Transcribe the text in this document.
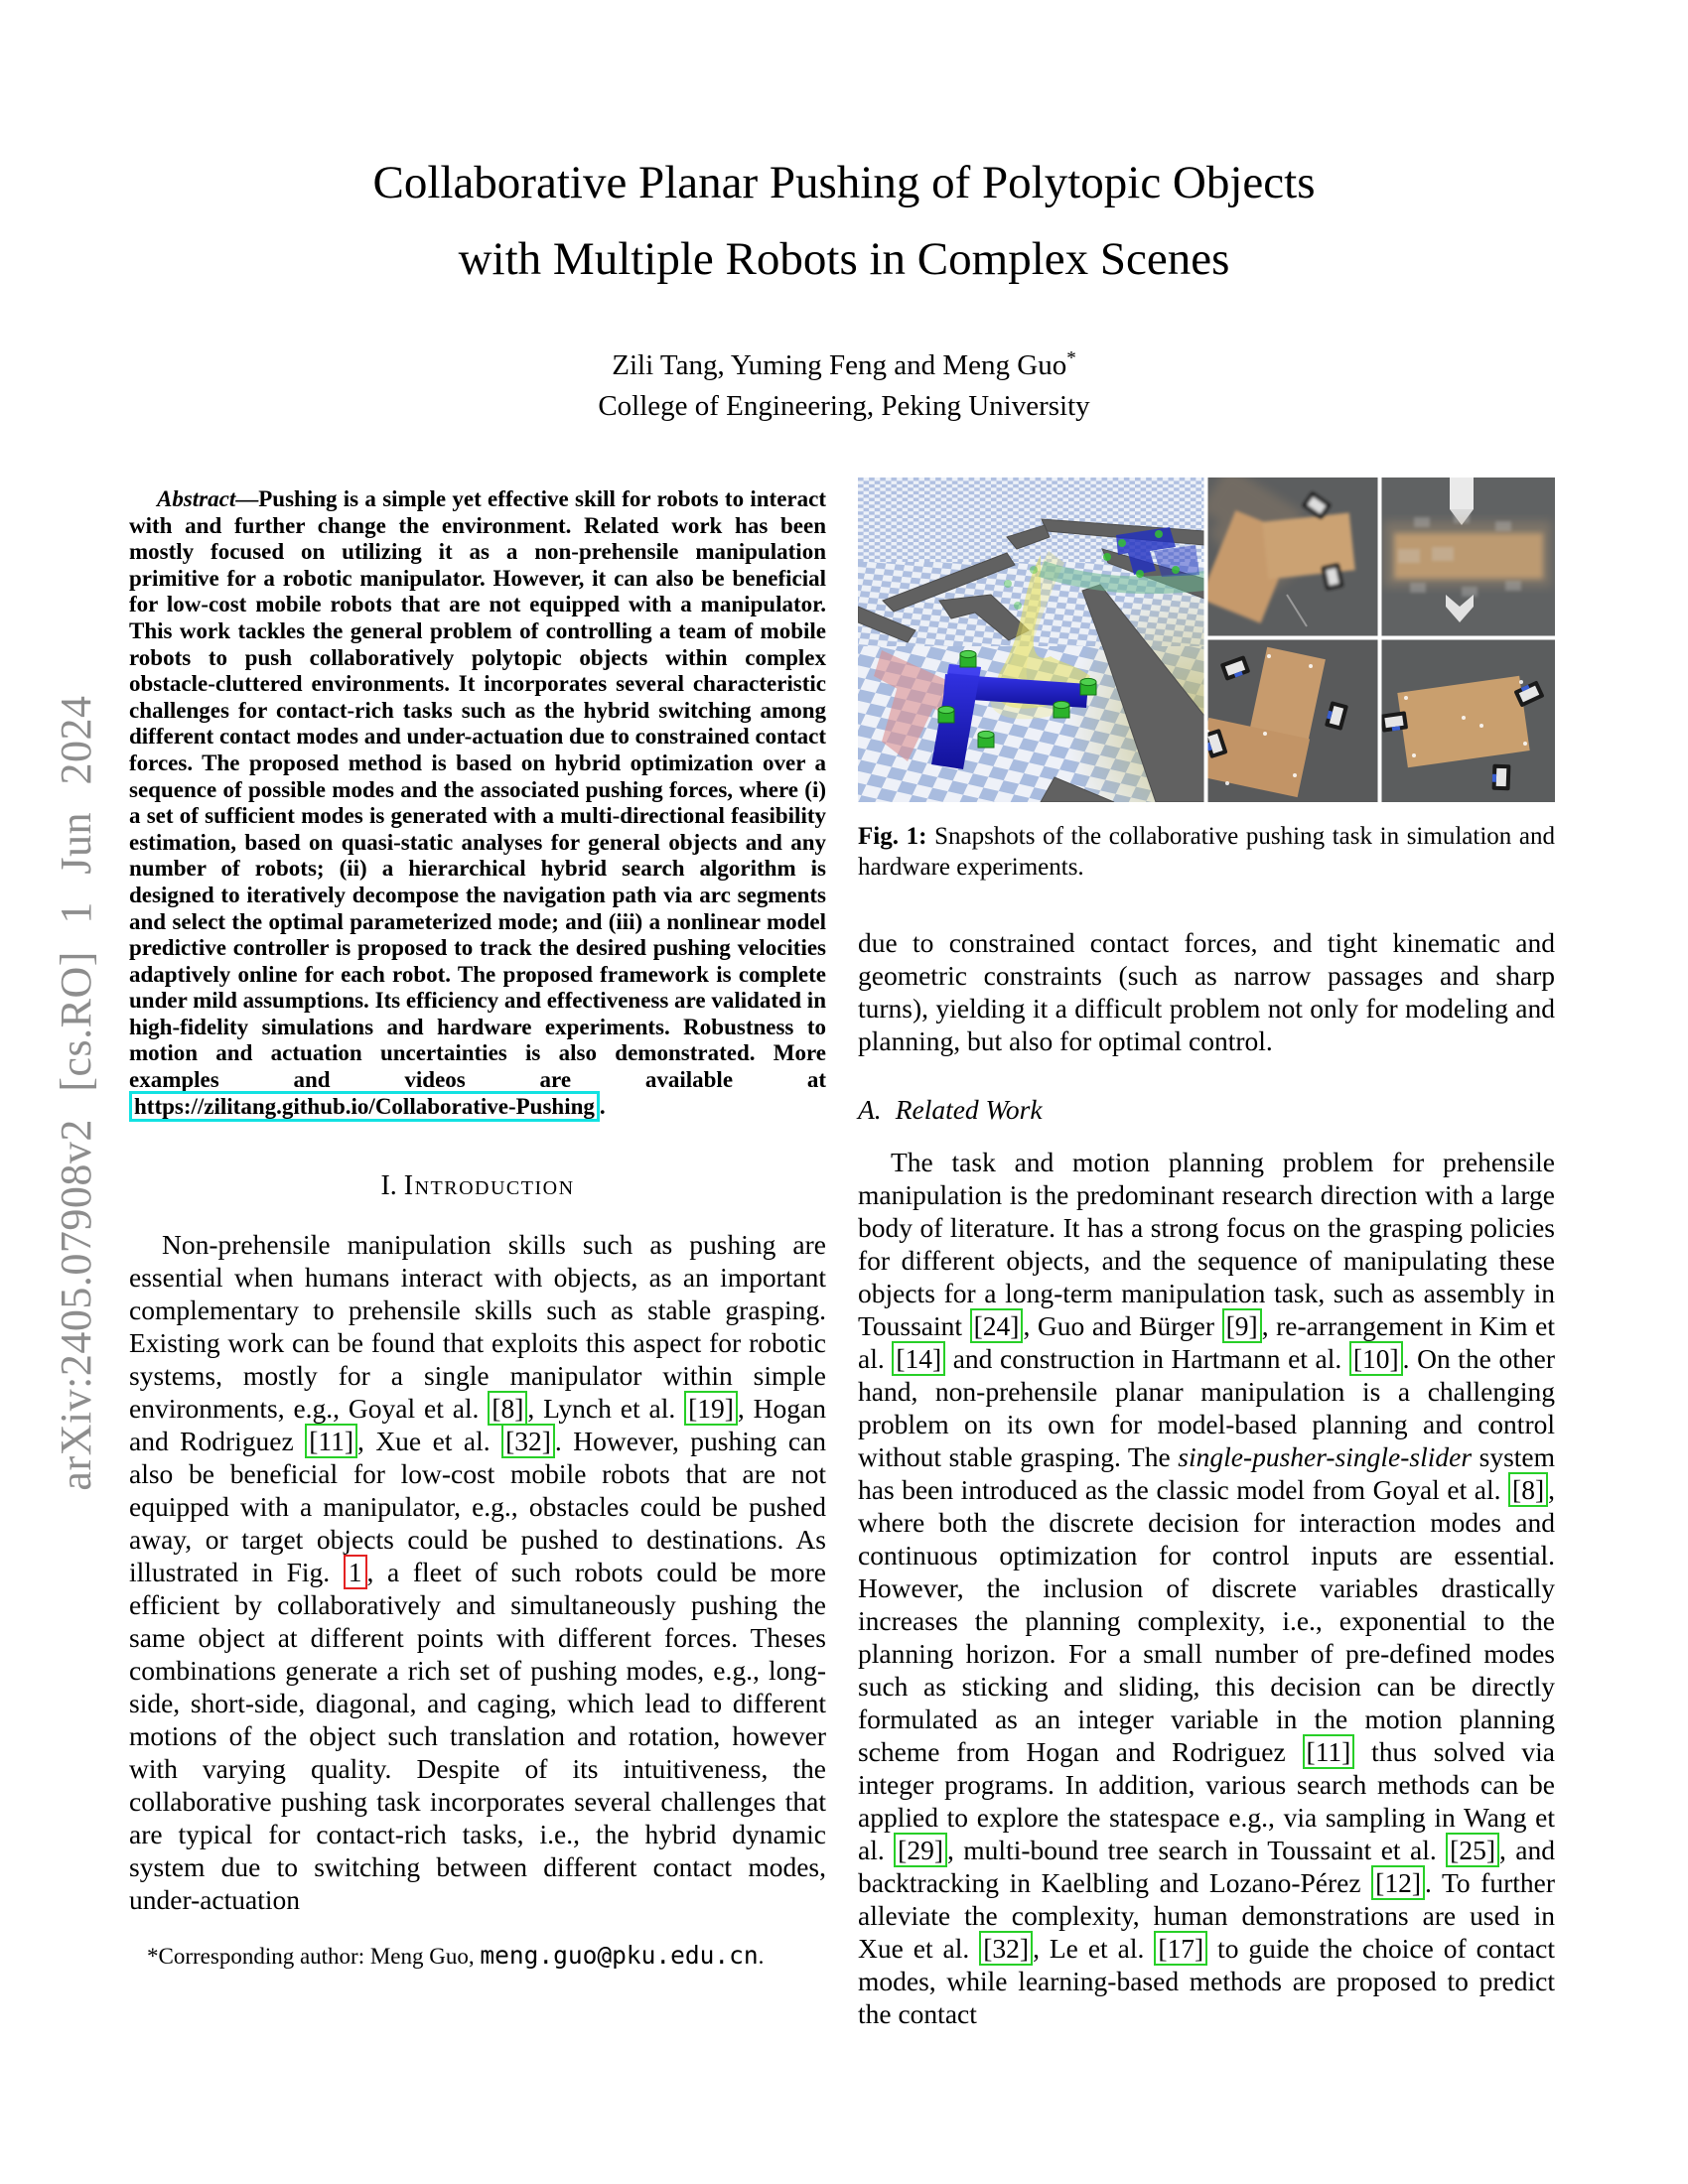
arXiv:2405.07908v2 [cs.RO] 1 Jun 2024
Collaborative Planar Pushing of Polytopic Objects
with Multiple Robots in Complex Scenes
Zili Tang, Yuming Feng and Meng Guo*
College of Engineering, Peking University

Abstract—Pushing is a simple yet effective skill for robots to interact with and further change the environment. Related work has been mostly focused on utilizing it as a non-prehensile manipulation primitive for a robotic manipulator. However, it can also be beneficial for low-cost mobile robots that are not equipped with a manipulator. This work tackles the general problem of controlling a team of mobile robots to push collaboratively polytopic objects within complex obstacle-cluttered environments. It incorporates several characteristic challenges for contact-rich tasks such as the hybrid switching among different contact modes and under-actuation due to constrained contact forces. The proposed method is based on hybrid optimization over a sequence of possible modes and the associated pushing forces, where (i) a set of sufficient modes is generated with a multi-directional feasibility estimation, based on quasi-static analyses for general objects and any number of robots; (ii) a hierarchical hybrid search algorithm is designed to iteratively decompose the navigation path via arc segments and select the optimal parameterized mode; and (iii) a nonlinear model predictive controller is proposed to track the desired pushing velocities adaptively online for each robot. The proposed framework is complete under mild assumptions. Its efficiency and effectiveness are validated in high-fidelity simulations and hardware experiments. Robustness to motion and actuation uncertainties is also demonstrated. More examples and videos are available at https://zilitang.github.io/Collaborative-Pushing .

I. Introduction

Non-prehensile manipulation skills such as pushing are essential when humans interact with objects, as an important complementary to prehensile skills such as stable grasping. Existing work can be found that exploits this aspect for robotic systems, mostly for a single manipulator within simple environments, e.g., Goyal et al. [8] , Lynch et al. [19] , Hogan and Rodriguez [11] , Xue et al. [32] . However, pushing can also be beneficial for low-cost mobile robots that are not equipped with a manipulator, e.g., obstacles could be pushed away, or target objects could be pushed to destinations. As illustrated in Fig. 1 , a fleet of such robots could be more efficient by collaboratively and simultaneously pushing the same object at different points with different forces. Theses combinations generate a rich set of pushing modes, e.g., long-side, short-side, diagonal, and caging, which lead to different motions of the object such translation and rotation, however with varying quality. Despite of its intuitiveness, the collaborative pushing task incorporates several challenges that are typical for contact-rich tasks, i.e., the hybrid dynamic system due to switching between different contact modes, under-actuation

*Corresponding author: Meng Guo, meng.guo@pku.edu.cn.

Fig. 1: Snapshots of the collaborative pushing task in simulation and hardware experiments.

due to constrained contact forces, and tight kinematic and geometric constraints (such as narrow passages and sharp turns), yielding it a difficult problem not only for modeling and planning, but also for optimal control.

A. Related Work

The task and motion planning problem for prehensile manipulation is the predominant research direction with a large body of literature. It has a strong focus on the grasping policies for different objects, and the sequence of manipulating these objects for a long-term manipulation task, such as assembly in Toussaint [24] , Guo and Bürger [9] , re-arrangement in Kim et al. [14] and construction in Hartmann et al. [10] . On the other hand, non-prehensile planar manipulation is a challenging problem on its own for model-based planning and control without stable grasping. The single-pusher-single-slider system has been introduced as the classic model from Goyal et al. [8] , where both the discrete decision for interaction modes and continuous optimization for control inputs are essential. However, the inclusion of discrete variables drastically increases the planning complexity, i.e., exponential to the planning horizon. For a small number of pre-defined modes such as sticking and sliding, this decision can be directly formulated as an integer variable in the motion planning scheme from Hogan and Rodriguez [11] thus solved via integer programs. In addition, various search methods can be applied to explore the statespace e.g., via sampling in Wang et al. [29] , multi-bound tree search in Toussaint et al. [25] , and backtracking in Kaelbling and Lozano-Pérez [12] . To further alleviate the complexity, human demonstrations are used in Xue et al. [32] , Le et al. [17] to guide the choice of contact modes, while learning-based methods are proposed to predict the contact
